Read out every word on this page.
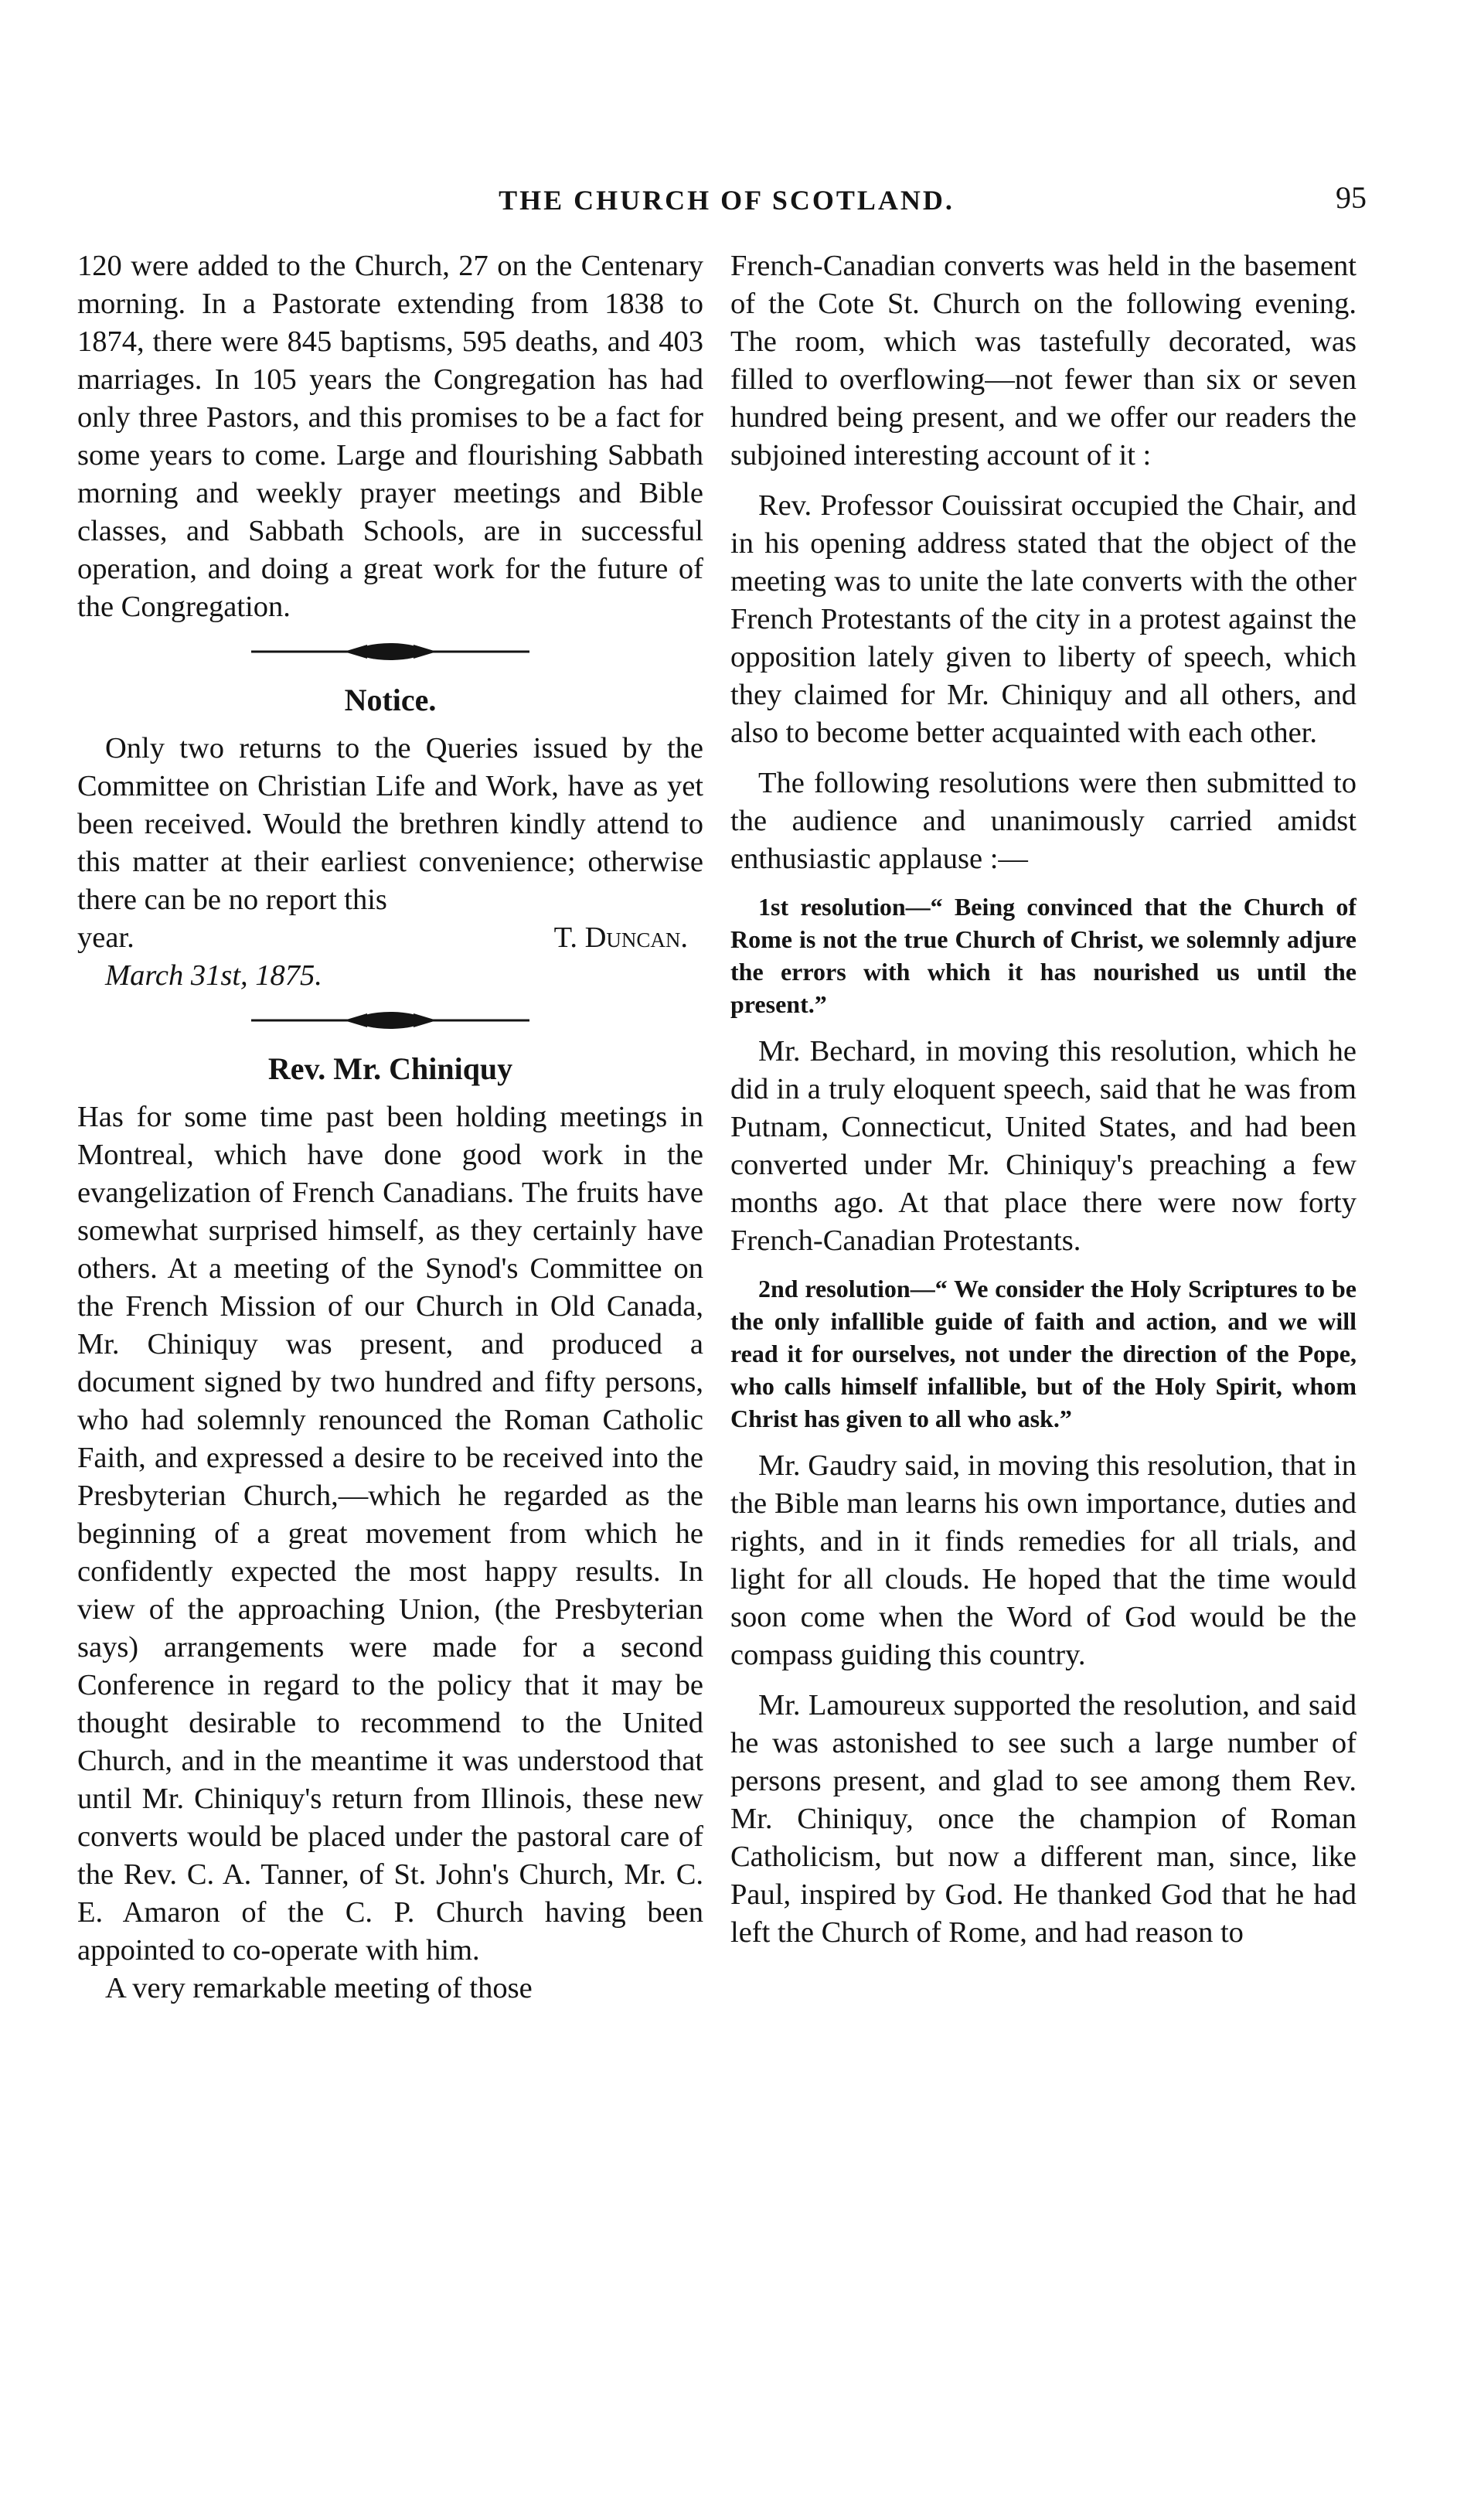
THE CHURCH OF SCOTLAND.	95

120 were added to the Church, 27 on the Centenary morning. In a Pastorate extending from 1838 to 1874, there were 845 baptisms, 595 deaths, and 403 marriages. In 105 years the Congregation has had only three Pastors, and this promises to be a fact for some years to come. Large and flourishing Sabbath morning and weekly prayer meetings and Bible classes, and Sabbath Schools, are in successful operation, and doing a great work for the future of the Congregation.

Notice.

Only two returns to the Queries issued by the Committee on Christian Life and Work, have as yet been received. Would the brethren kindly attend to this matter at their earliest convenience; otherwise there can be no report this

year.	T. Duncan.
March 31st, 1875.
Rev. Mr. Chiniquy

Has for some time past been holding meetings in Montreal, which have done good work in the evangelization of French Canadians. The fruits have somewhat surprised himself, as they certainly have others. At a meeting of the Synod's Committee on the French Mission of our Church in Old Canada, Mr. Chiniquy was present, and produced a document signed by two hundred and fifty persons, who had solemnly renounced the Roman Catholic Faith, and expressed a desire to be received into the Presbyterian Church,—which he regarded as the beginning of a great movement from which he confidently expected the most happy results. In view of the approaching Union, (the Presbyterian says) arrangements were made for a second Conference in regard to the policy that it may be thought desirable to recommend to the United Church, and in the meantime it was understood that until Mr. Chiniquy's return from Illinois, these new converts would be placed under the pastoral care of the Rev. C. A. Tanner, of St. John's Church, Mr. C. E. Amaron of the C. P. Church having been appointed to co-operate with him.

A very remarkable meeting of those

French-Canadian converts was held in the basement of the Cote St. Church on the following evening. The room, which was tastefully decorated, was filled to overflowing—not fewer than six or seven hundred being present, and we offer our readers the subjoined interesting account of it :

Rev. Professor Couissirat occupied the Chair, and in his opening address stated that the object of the meeting was to unite the late converts with the other French Protestants of the city in a protest against the opposition lately given to liberty of speech, which they claimed for Mr. Chiniquy and all others, and also to become better acquainted with each other.

The following resolutions were then submitted to the audience and unanimously carried amidst enthusiastic applause :—

1st resolution—“ Being convinced that the Church of Rome is not the true Church of Christ, we solemnly adjure the errors with which it has nourished us until the present.”

Mr. Bechard, in moving this resolution, which he did in a truly eloquent speech, said that he was from Putnam, Connecticut, United States, and had been converted under Mr. Chiniquy's preaching a few months ago. At that place there were now forty French-Canadian Protestants.

2nd resolution—“ We consider the Holy Scriptures to be the only infallible guide of faith and action, and we will read it for ourselves, not under the direction of the Pope, who calls himself infallible, but of the Holy Spirit, whom Christ has given to all who ask.”

Mr. Gaudry said, in moving this resolution, that in the Bible man learns his own importance, duties and rights, and in it finds remedies for all trials, and light for all clouds. He hoped that the time would soon come when the Word of God would be the compass guiding this country.

Mr. Lamoureux supported the resolution, and said he was astonished to see such a large number of persons present, and glad to see among them Rev. Mr. Chiniquy, once the champion of Roman Catholicism, but now a different man, since, like Paul, inspired by God. He thanked God that he had left the Church of Rome, and had reason to
